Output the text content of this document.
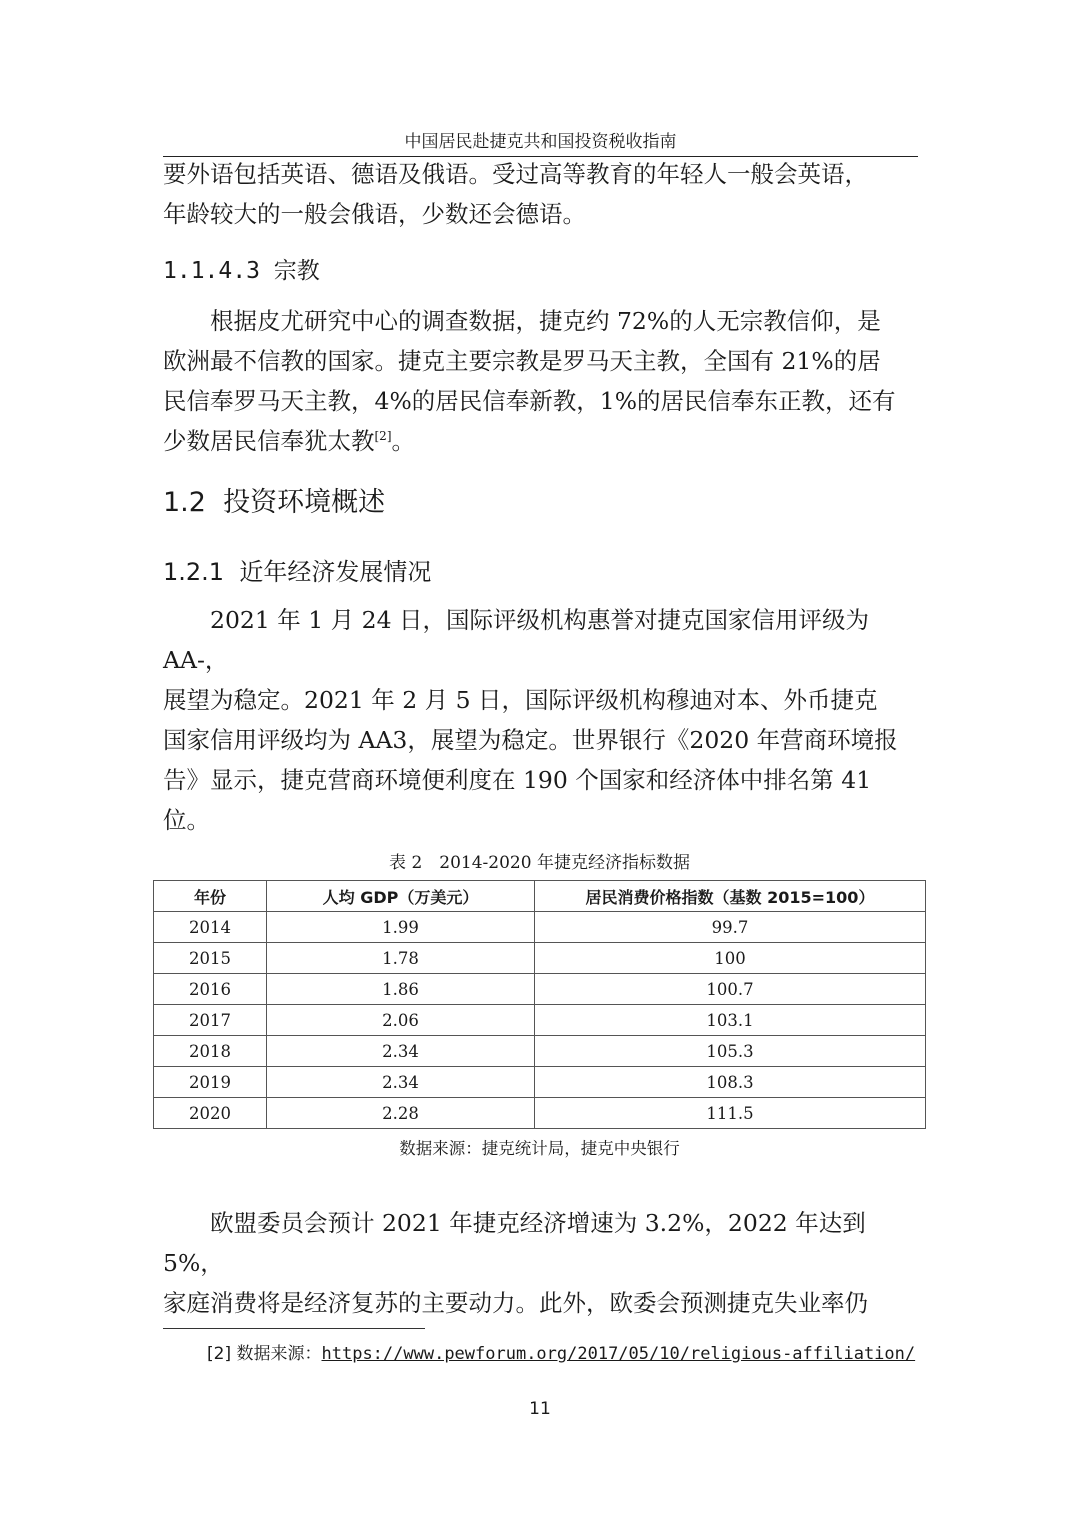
中国居民赴捷克共和国投资税收指南

要外语包括英语、德语及俄语。受过高等教育的年轻人一般会英语，

年龄较大的一般会俄语，少数还会德语。

1.1.4.3 宗教

根据皮尤研究中心的调查数据，捷克约 72%的人无宗教信仰，是

欧洲最不信教的国家。捷克主要宗教是罗马天主教，全国有 21%的居

民信奉罗马天主教，4%的居民信奉新教，1%的居民信奉东正教，还有

少数居民信奉犹太教[2]。

1.2 投资环境概述
1.2.1 近年经济发展情况

2021 年 1 月 24 日，国际评级机构惠誉对捷克国家信用评级为 AA-，

展望为稳定。2021 年 2 月 5 日，国际评级机构穆迪对本、外币捷克

国家信用评级均为 AA3，展望为稳定。世界银行《2020 年营商环境报

告》显示，捷克营商环境便利度在 190 个国家和经济体中排名第 41

位。

表 2　2014-2020 年捷克经济指标数据
年份	人均 GDP（万美元）	居民消费价格指数（基数 2015=100）
2014	1.99	99.7
2015	1.78	100
2016	1.86	100.7
2017	2.06	103.1
2018	2.34	105.3
2019	2.34	108.3
2020	2.28	111.5
数据来源：捷克统计局，捷克中央银行

欧盟委员会预计 2021 年捷克经济增速为 3.2%，2022 年达到 5%，

家庭消费将是经济复苏的主要动力。此外，欧委会预测捷克失业率仍

[2] 数据来源：https://www.pewforum.org/2017/05/10/religious-affiliation/
11
